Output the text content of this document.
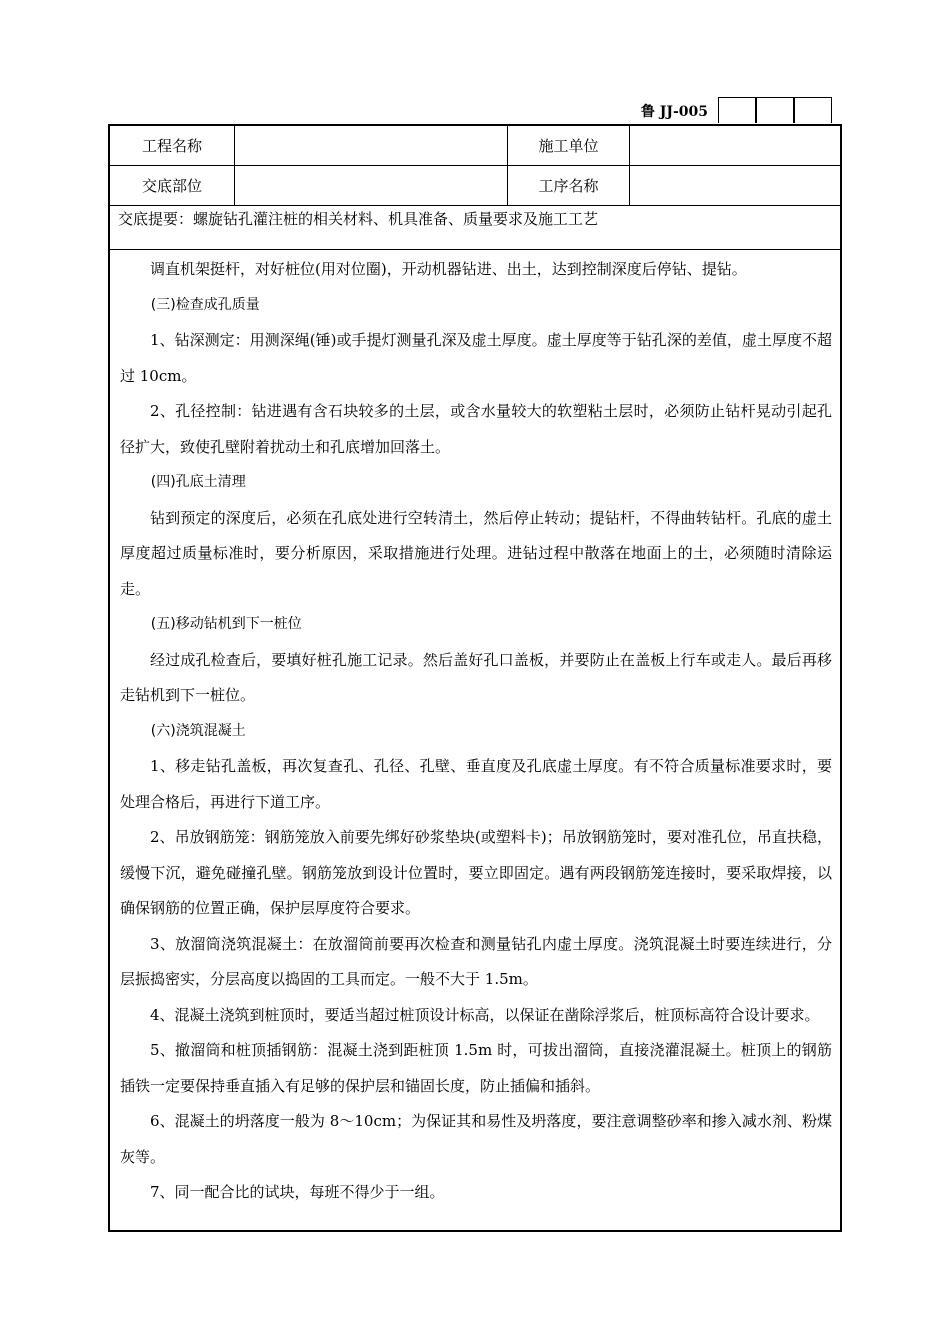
鲁 JJ-005
工程名称	施工单位
交底部位	工序名称
交底提要：螺旋钻孔灌注桩的相关材料、机具准备、质量要求及施工工艺

调直机架挺杆，对好桩位(用对位圈)，开动机器钻进、出土，达到控制深度后停钻、提钻。

(三)检查成孔质量

1、钻深测定：用测深绳(锤)或手提灯测量孔深及虚土厚度。虚土厚度等于钻孔深的差值，虚土厚度不超过 10cm。

2、孔径控制：钻进遇有含石块较多的土层，或含水量较大的软塑粘土层时，必须防止钻杆晃动引起孔径扩大，致使孔壁附着扰动土和孔底增加回落土。

(四)孔底土清理

钻到预定的深度后，必须在孔底处进行空转清土，然后停止转动；提钻杆，不得曲转钻杆。孔底的虚土厚度超过质量标准时，要分析原因，采取措施进行处理。进钻过程中散落在地面上的土，必须随时清除运走。

(五)移动钻机到下一桩位

经过成孔检查后，要填好桩孔施工记录。然后盖好孔口盖板，并要防止在盖板上行车或走人。最后再移走钻机到下一桩位。

(六)浇筑混凝土

1、移走钻孔盖板，再次复查孔、孔径、孔壁、垂直度及孔底虚土厚度。有不符合质量标准要求时，要处理合格后，再进行下道工序。

2、吊放钢筋笼：钢筋笼放入前要先绑好砂浆垫块(或塑料卡)；吊放钢筋笼时，要对准孔位，吊直扶稳，缓慢下沉，避免碰撞孔壁。钢筋笼放到设计位置时，要立即固定。遇有两段钢筋笼连接时，要采取焊接，以确保钢筋的位置正确，保护层厚度符合要求。

3、放溜筒浇筑混凝土：在放溜筒前要再次检查和测量钻孔内虚土厚度。浇筑混凝土时要连续进行，分层振捣密实，分层高度以捣固的工具而定。一般不大于 1.5m。

4、混凝土浇筑到桩顶时，要适当超过桩顶设计标高，以保证在凿除浮浆后，桩顶标高符合设计要求。

5、撤溜筒和桩顶插钢筋：混凝土浇到距桩顶 1.5m 时，可拔出溜筒，直接浇灌混凝土。桩顶上的钢筋插铁一定要保持垂直插入有足够的保护层和锚固长度，防止插偏和插斜。

6、混凝土的坍落度一般为 8～10cm；为保证其和易性及坍落度，要注意调整砂率和掺入减水剂、粉煤灰等。

7、同一配合比的试块，每班不得少于一组。
